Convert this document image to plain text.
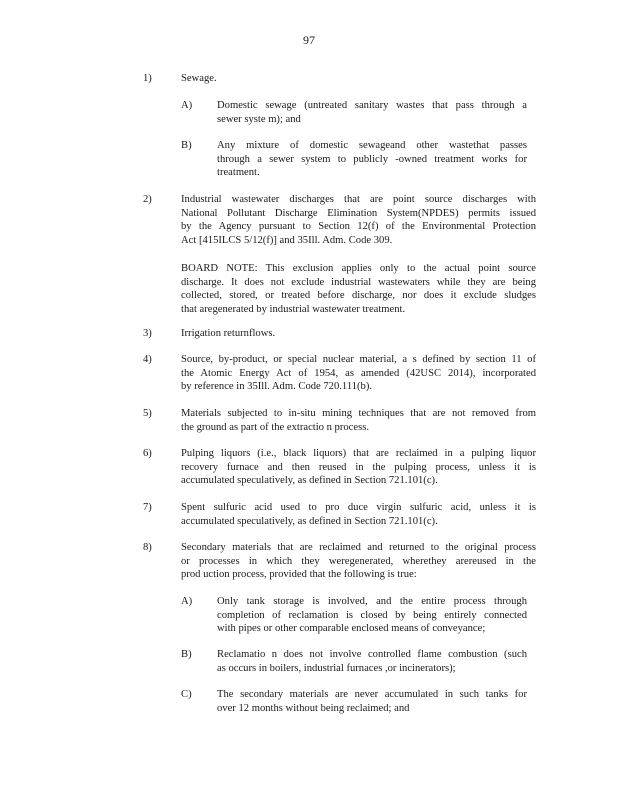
97
1)	Sewage.
A)	Domestic sewage (untreated sanitary wastes that pass through a
sewer syste m); and
B)	Any mixture of domestic sewageand other wastethat passes
through a sewer system to publicly -owned treatment works for
treatment.
2)	Industrial wastewater discharges that are point source discharges with
National Pollutant Discharge Elimination System(NPDES) permits issued
by the Agency pursuant to Section 12(f) of the Environmental Protection
Act [415ILCS 5/12(f)] and 35Ill. Adm. Code 309.
BOARD NOTE: This exclusion applies only to the actual point source
discharge. It does not exclude industrial wastewaters while they are being
collected, stored, or treated before discharge, nor does it exclude sludges
that aregenerated by industrial wastewater treatment.
3)	Irrigation returnflows.
4)	Source, by-product, or special nuclear material, a s defined by section 11 of
the Atomic Energy Act of 1954, as amended (42USC 2014), incorporated
by reference in 35Ill. Adm. Code 720.111(b).
5)	Materials subjected to in-situ mining techniques that are not removed from
the ground as part of the extractio n process.
6)	Pulping liquors (i.e., black liquors) that are reclaimed in a pulping liquor
recovery furnace and then reused in the pulping process, unless it is
accumulated speculatively, as defined in Section 721.101(c).
7)	Spent sulfuric acid used to pro duce virgin sulfuric acid, unless it is
accumulated speculatively, as defined in Section 721.101(c).
8)	Secondary materials that are reclaimed and returned to the original process
or processes in which they weregenerated, wherethey arereused in the
prod uction process, provided that the following is true:
A)	Only tank storage is involved, and the entire process through
completion of reclamation is closed by being entirely connected
with pipes or other comparable enclosed means of conveyance;
B)	Reclamatio n does not involve controlled flame combustion (such
as occurs in boilers, industrial furnaces ,or incinerators);
C)	The secondary materials are never accumulated in such tanks for
over 12 months without being reclaimed; and
